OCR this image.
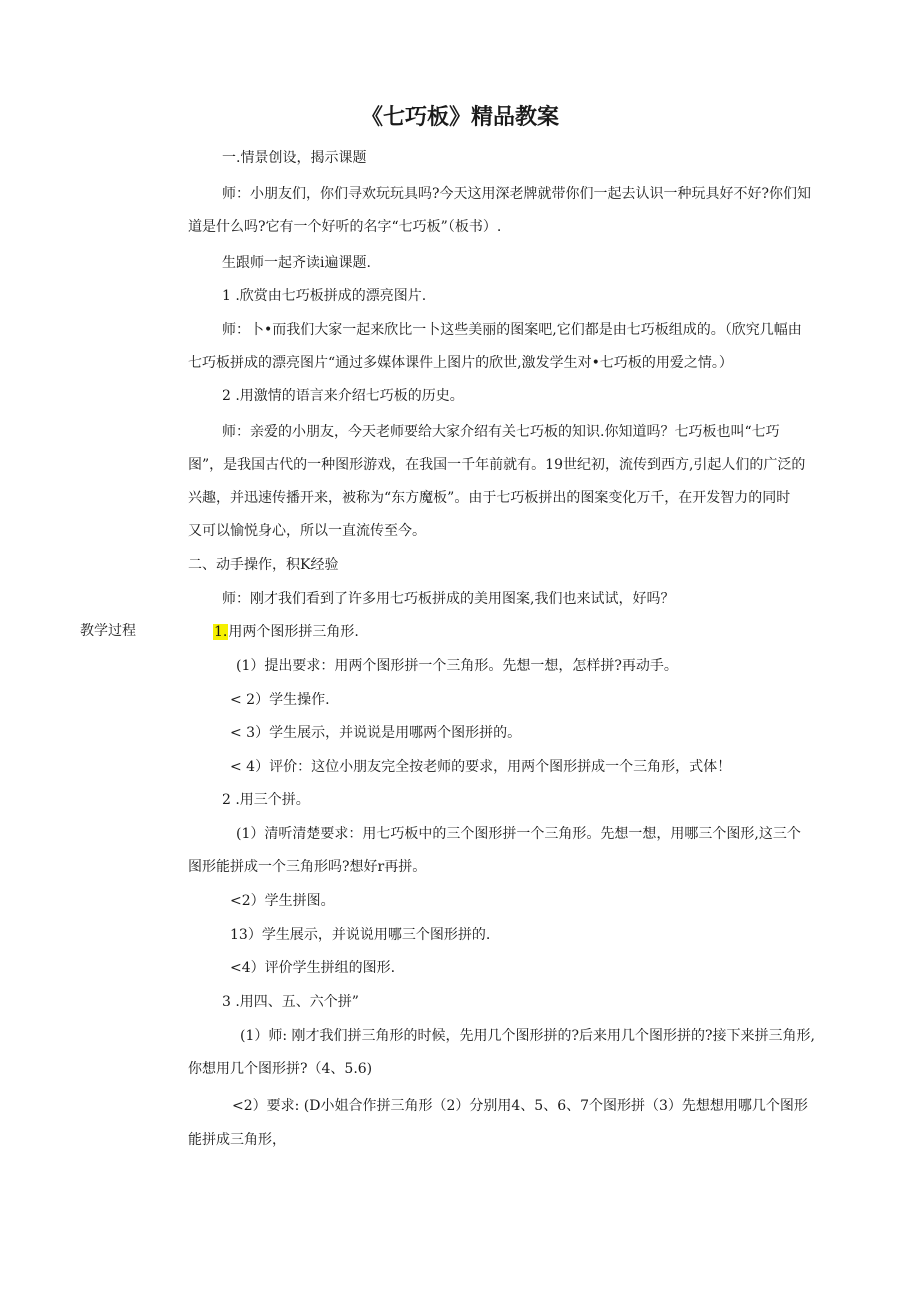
《七巧板》精品教案
教学过程
一.情景创设，揭示课题
师：小朋友们，你们寻欢玩玩具吗?今天这用深老牌就带你们一起去认识一种玩具好不好?你们知
道是什么吗?它有一个好听的名字“七巧板”（板书）.
生跟师一起齐读i遍课题.
1 .欣赏由七巧板拼成的漂亮图片.
师：卜•而我们大家一起来欣比一卜这些美丽的图案吧,它们都是由七巧板组成的。（欣究几幅由
七巧板拼成的漂亮图片“通过多媒体课件上图片的欣世,激发学生对•七巧板的用爱之情。）
2 .用激情的语言来介绍七巧板的历史。
师：亲爱的小朋友，今天老师要给大家介绍有关七巧板的知识.你知道吗？七巧板也叫“七巧
图”，是我国古代的一种图形游戏，在我国一千年前就有。19世纪初，流传到西方,引起人们的广泛的
兴趣，并迅速传播开来，被称为“东方魔板”。由于七巧板拼出的图案变化万千，在开发智力的同时
又可以愉悦身心，所以一直流传至今。
二、动手操作，积K经验
师：刚才我们看到了许多用七巧板拼成的美用图案,我们也来试试，好吗？
1.用两个图形拼三角形.
(1）提出要求：用两个图形拼一个三角形。先想一想，怎样拼?再动手。
< 2）学生操作.
< 3）学生展示，并说说是用哪两个图形拼的。
< 4）评价：这位小朋友完全按老师的要求，用两个图形拼成一个三角形，式体！
2 .用三个拼。
(1）清听清楚要求：用七巧板中的三个图形拼一个三角形。先想一想，用哪三个图形,这三个
图形能拼成一个三角形吗?想好r再拼。
<2）学生拼图。
13）学生展示，并说说用哪三个图形拼的.
<4）评价学生拼组的图形.
3 .用四、五、六个拼”
(1）师: 刚才我们拼三角形的时候，先用几个图形拼的?后来用几个图形拼的?接下来拼三角形,
你想用几个图形拼?（4、5.6)
<2）要求: (D小姐合作拼三角形（2）分别用4、5、6、7个图形拼（3）先想想用哪几个图形
能拼成三角形，
